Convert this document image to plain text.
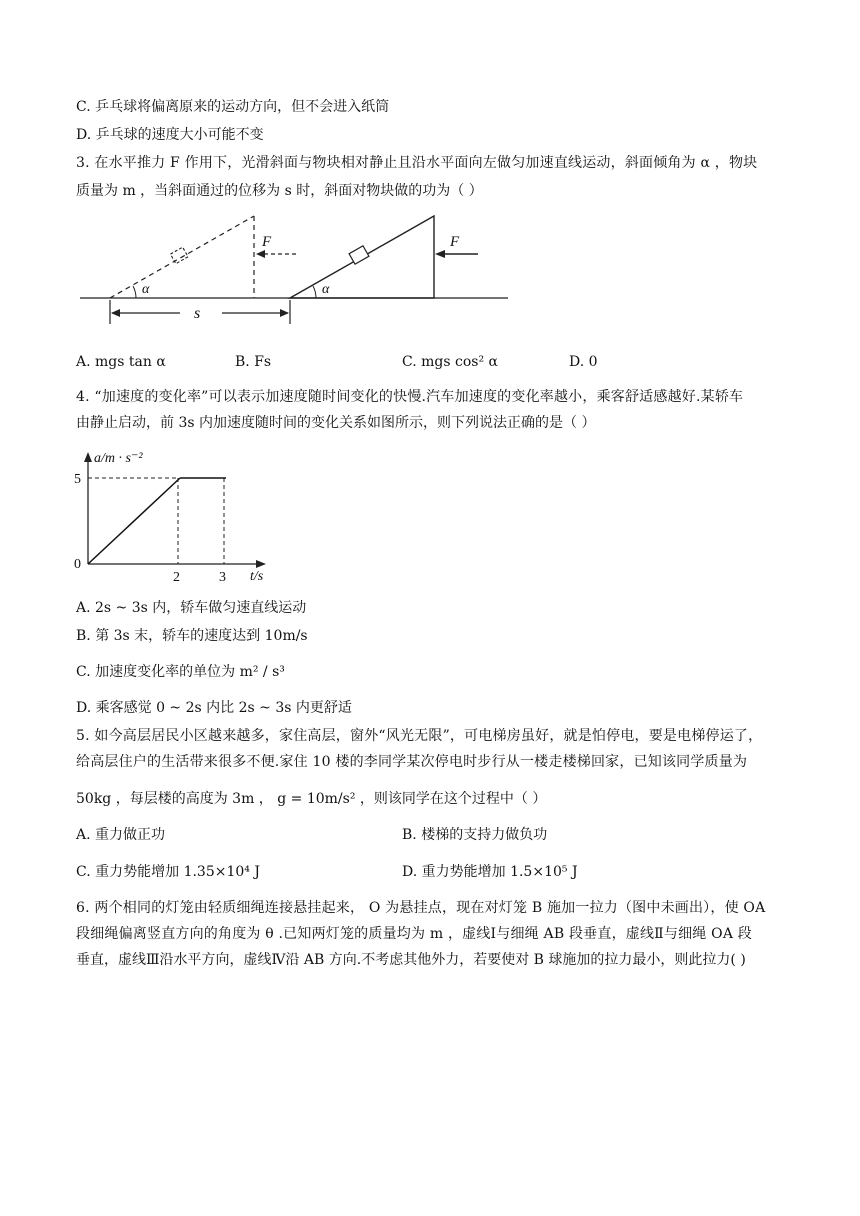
C. 乒乓球将偏离原来的运动方向，但不会进入纸筒
D. 乒乓球的速度大小可能不变
3. 在水平推力 F 作用下，光滑斜面与物块相对静止且沿水平面向左做匀加速直线运动，斜面倾角为 α ，物块
质量为 m ，当斜面通过的位移为 s 时，斜面对物块做的功为（ ）
F
α
F
α
s
A. mgs tan α	B. Fs	C. mgs cos² α	D. 0
4. “加速度的变化率”可以表示加速度随时间变化的快慢.汽车加速度的变化率越小，乘客舒适感越好.某轿车
由静止启动，前 3s 内加速度随时间的变化关系如图所示，则下列说法正确的是（ ）
a/m · s⁻²
t/s
0
5
2	3
A. 2s ~ 3s 内，轿车做匀速直线运动
B. 第 3s 末，轿车的速度达到 10m/s
C. 加速度变化率的单位为 m² / s³
D. 乘客感觉 0 ~ 2s 内比 2s ~ 3s 内更舒适
5. 如今高层居民小区越来越多，家住高层，窗外“风光无限”，可电梯房虽好，就是怕停电，要是电梯停运了，
给高层住户的生活带来很多不便.家住 10 楼的李同学某次停电时步行从一楼走楼梯回家，已知该同学质量为
50kg ，每层楼的高度为 3m ， g = 10m/s² ，则该同学在这个过程中（ ）
A. 重力做正功	B. 楼梯的支持力做负功
C. 重力势能增加 1.35×10⁴ J	D. 重力势能增加 1.5×10⁵ J
6. 两个相同的灯笼由轻质细绳连接悬挂起来， O 为悬挂点，现在对灯笼 B 施加一拉力（图中未画出），使 OA
段细绳偏离竖直方向的角度为 θ .已知两灯笼的质量均为 m ，虚线Ⅰ与细绳 AB 段垂直，虚线Ⅱ与细绳 OA 段
垂直，虚线Ⅲ沿水平方向，虚线Ⅳ沿 AB 方向.不考虑其他外力，若要使对 B 球施加的拉力最小，则此拉力( )
